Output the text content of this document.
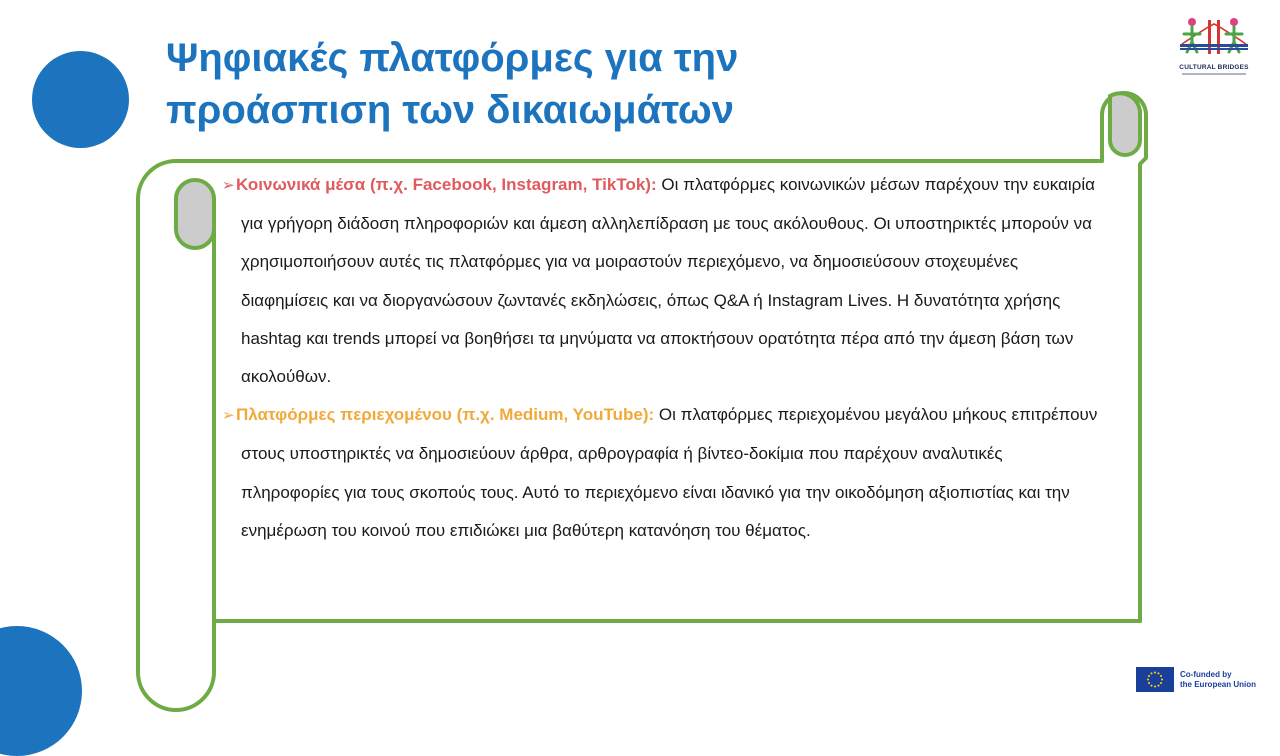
Ψηφιακές πλατφόρμες για την προάσπιση των δικαιωμάτων

➢Κοινωνικά μέσα (π.χ. Facebook, Instagram, TikTok): Οι πλατφόρμες κοινωνικών μέσων παρέχουν την ευκαιρία για γρήγορη διάδοση πληροφοριών και άμεση αλληλεπίδραση με τους ακόλουθους. Οι υποστηρικτές μπορούν να χρησιμοποιήσουν αυτές τις πλατφόρμες για να μοιραστούν περιεχόμενο, να δημοσιεύσουν στοχευμένες διαφημίσεις και να διοργανώσουν ζωντανές εκδηλώσεις, όπως Q&A ή Instagram Lives. Η δυνατότητα χρήσης hashtag και trends μπορεί να βοηθήσει τα μηνύματα να αποκτήσουν ορατότητα πέρα από την άμεση βάση των ακολούθων.

➢Πλατφόρμες περιεχομένου (π.χ. Medium, YouTube): Οι πλατφόρμες περιεχομένου μεγάλου μήκους επιτρέπουν στους υποστηρικτές να δημοσιεύουν άρθρα, αρθρογραφία ή βίντεο-δοκίμια που παρέχουν αναλυτικές πληροφορίες για τους σκοπούς τους. Αυτό το περιεχόμενο είναι ιδανικό για την οικοδόμηση αξιοπιστίας και την ενημέρωση του κοινού που επιδιώκει μια βαθύτερη κατανόηση του θέματος.

CULTURAL BRIDGES
Co-funded by
the European Union
